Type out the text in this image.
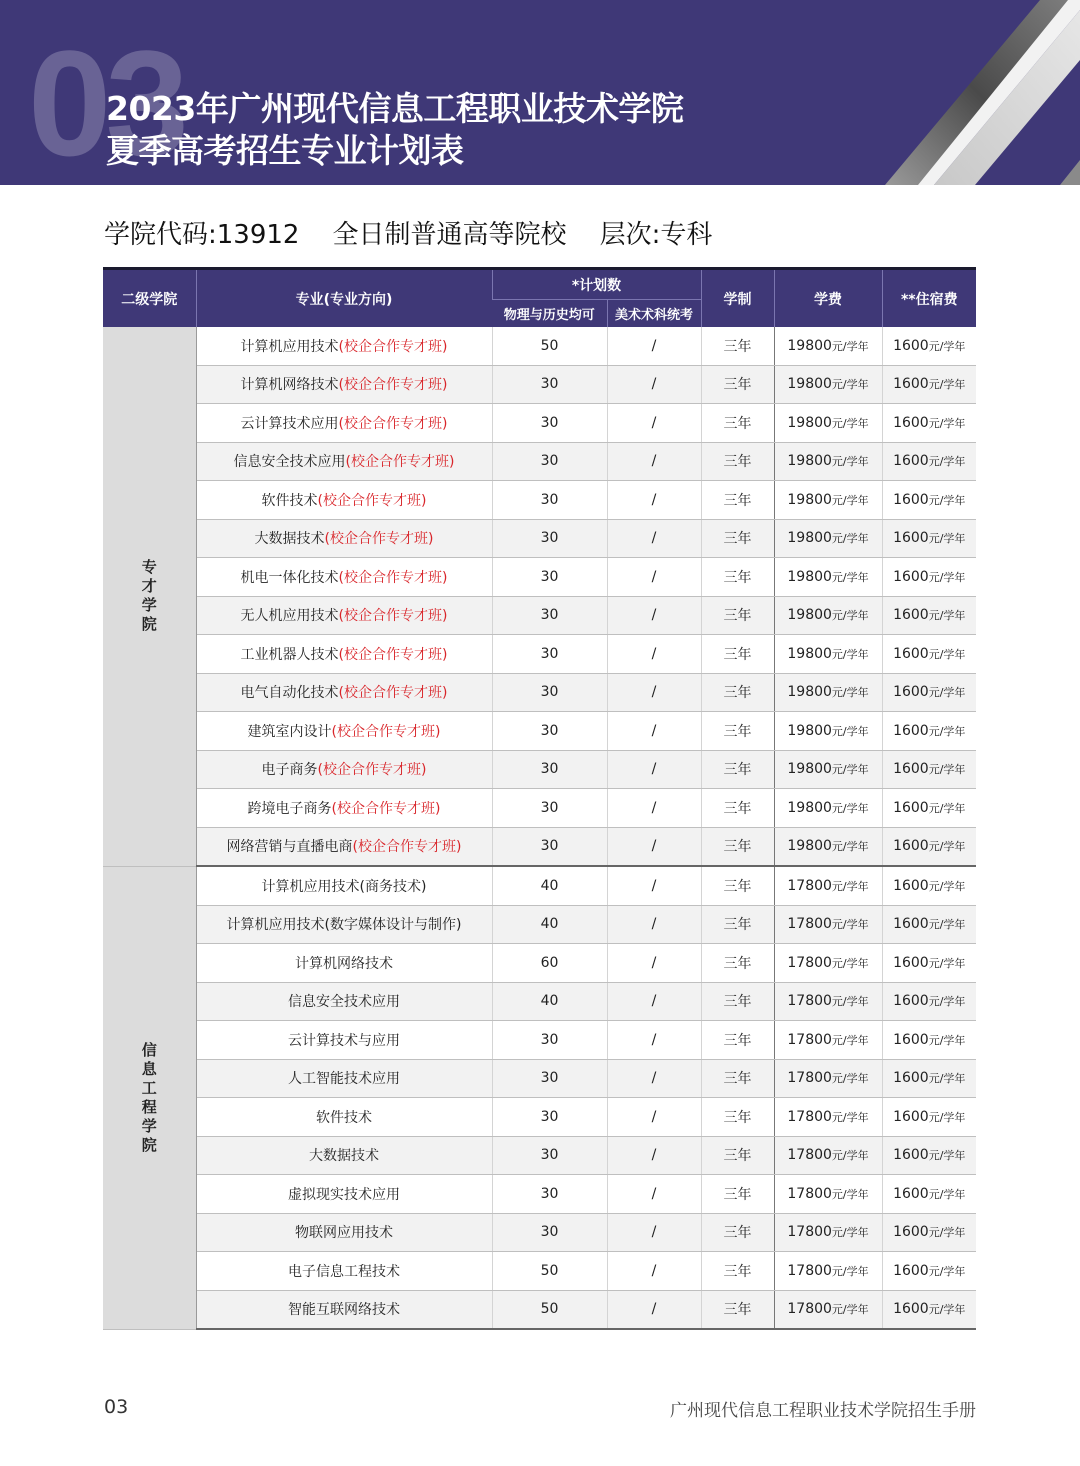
03
2023年广州现代信息工程职业技术学院
夏季高考招生专业计划表
学院代码:13912 全日制普通高等院校 层次:专科
二级学院	专业(专业方向)	*计划数		学制	学费	**住宿费
		物理与历史均可	美术术科统考			
专才学院	计算机应用技术(校企合作专才班)	50	/	三年	19800元/学年	1600元/学年
	计算机网络技术(校企合作专才班)	30	/	三年	19800元/学年	1600元/学年
	云计算技术应用(校企合作专才班)	30	/	三年	19800元/学年	1600元/学年
	信息安全技术应用(校企合作专才班)	30	/	三年	19800元/学年	1600元/学年
	软件技术(校企合作专才班)	30	/	三年	19800元/学年	1600元/学年
	大数据技术(校企合作专才班)	30	/	三年	19800元/学年	1600元/学年
	机电一体化技术(校企合作专才班)	30	/	三年	19800元/学年	1600元/学年
	无人机应用技术(校企合作专才班)	30	/	三年	19800元/学年	1600元/学年
	工业机器人技术(校企合作专才班)	30	/	三年	19800元/学年	1600元/学年
	电气自动化技术(校企合作专才班)	30	/	三年	19800元/学年	1600元/学年
	建筑室内设计(校企合作专才班)	30	/	三年	19800元/学年	1600元/学年
	电子商务(校企合作专才班)	30	/	三年	19800元/学年	1600元/学年
	跨境电子商务(校企合作专才班)	30	/	三年	19800元/学年	1600元/学年
	网络营销与直播电商(校企合作专才班)	30	/	三年	19800元/学年	1600元/学年
信息工程学院	计算机应用技术(商务技术)	40	/	三年	17800元/学年	1600元/学年
	计算机应用技术(数字媒体设计与制作)	40	/	三年	17800元/学年	1600元/学年
	计算机网络技术	60	/	三年	17800元/学年	1600元/学年
	信息安全技术应用	40	/	三年	17800元/学年	1600元/学年
	云计算技术与应用	30	/	三年	17800元/学年	1600元/学年
	人工智能技术应用	30	/	三年	17800元/学年	1600元/学年
	软件技术	30	/	三年	17800元/学年	1600元/学年
	大数据技术	30	/	三年	17800元/学年	1600元/学年
	虚拟现实技术应用	30	/	三年	17800元/学年	1600元/学年
	物联网应用技术	30	/	三年	17800元/学年	1600元/学年
	电子信息工程技术	50	/	三年	17800元/学年	1600元/学年
	智能互联网络技术	50	/	三年	17800元/学年	1600元/学年
03	广州现代信息工程职业技术学院招生手册
